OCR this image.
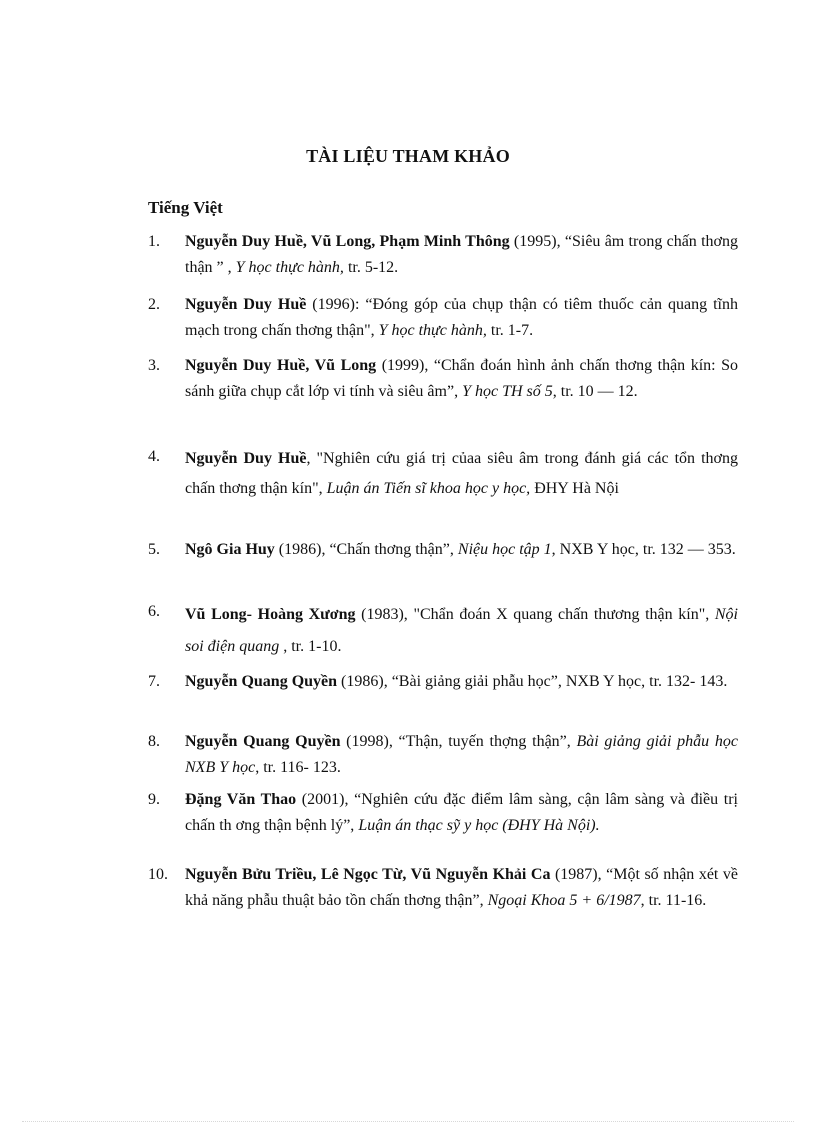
TÀI LIỆU THAM KHẢO
Tiếng Việt
1. Nguyễn Duy Huề, Vũ Long, Phạm Minh Thông (1995), “Siêu âm trong chấn thơng thận ” , Y học thực hành, tr. 5-12.
2. Nguyễn Duy Huề (1996): “Đóng góp của chụp thận có tiêm thuốc cản quang tĩnh mạch trong chấn thơng thận", Y học thực hành, tr. 1-7.
3. Nguyễn Duy Huề, Vũ Long (1999), “Chẩn đoán hình ảnh chấn thơng thận kín: So sánh giữa chụp cắt lớp vi tính và siêu âm”, Y học TH số 5, tr. 10 — 12.
4. Nguyễn Duy Huề, "Nghiên cứu giá trị củaa siêu âm trong đánh giá các tổn thơng chấn thơng thận kín", Luận án Tiến sĩ khoa học y học, ĐHY Hà Nội
5. Ngô Gia Huy (1986), “Chấn thơng thận”, Niệu học tập 1, NXB Y học, tr. 132 — 353.
6. Vũ Long- Hoàng Xương (1983), "Chẩn đoán X quang chấn thương thận kín", Nội soi điện quang , tr. 1-10.
7. Nguyễn Quang Quyền (1986), “Bài giảng giải phẫu học”, NXB Y học, tr. 132- 143.
8. Nguyễn Quang Quyền (1998), “Thận, tuyến thợng thận”, Bài giảng giải phẫu học NXB Y học, tr. 116- 123.
9. Đặng Văn Thao (2001), “Nghiên cứu đặc điểm lâm sàng, cận lâm sàng và điều trị chấn th ơng thận bệnh lý”, Luận án thạc sỹ y học (ĐHY Hà Nội).
10. Nguyễn Bửu Triều, Lê Ngọc Từ, Vũ Nguyễn Khải Ca (1987), “Một số nhận xét về khả năng phẫu thuật bảo tồn chấn thơng thận”, Ngoại Khoa 5 + 6/1987, tr. 11-16.
